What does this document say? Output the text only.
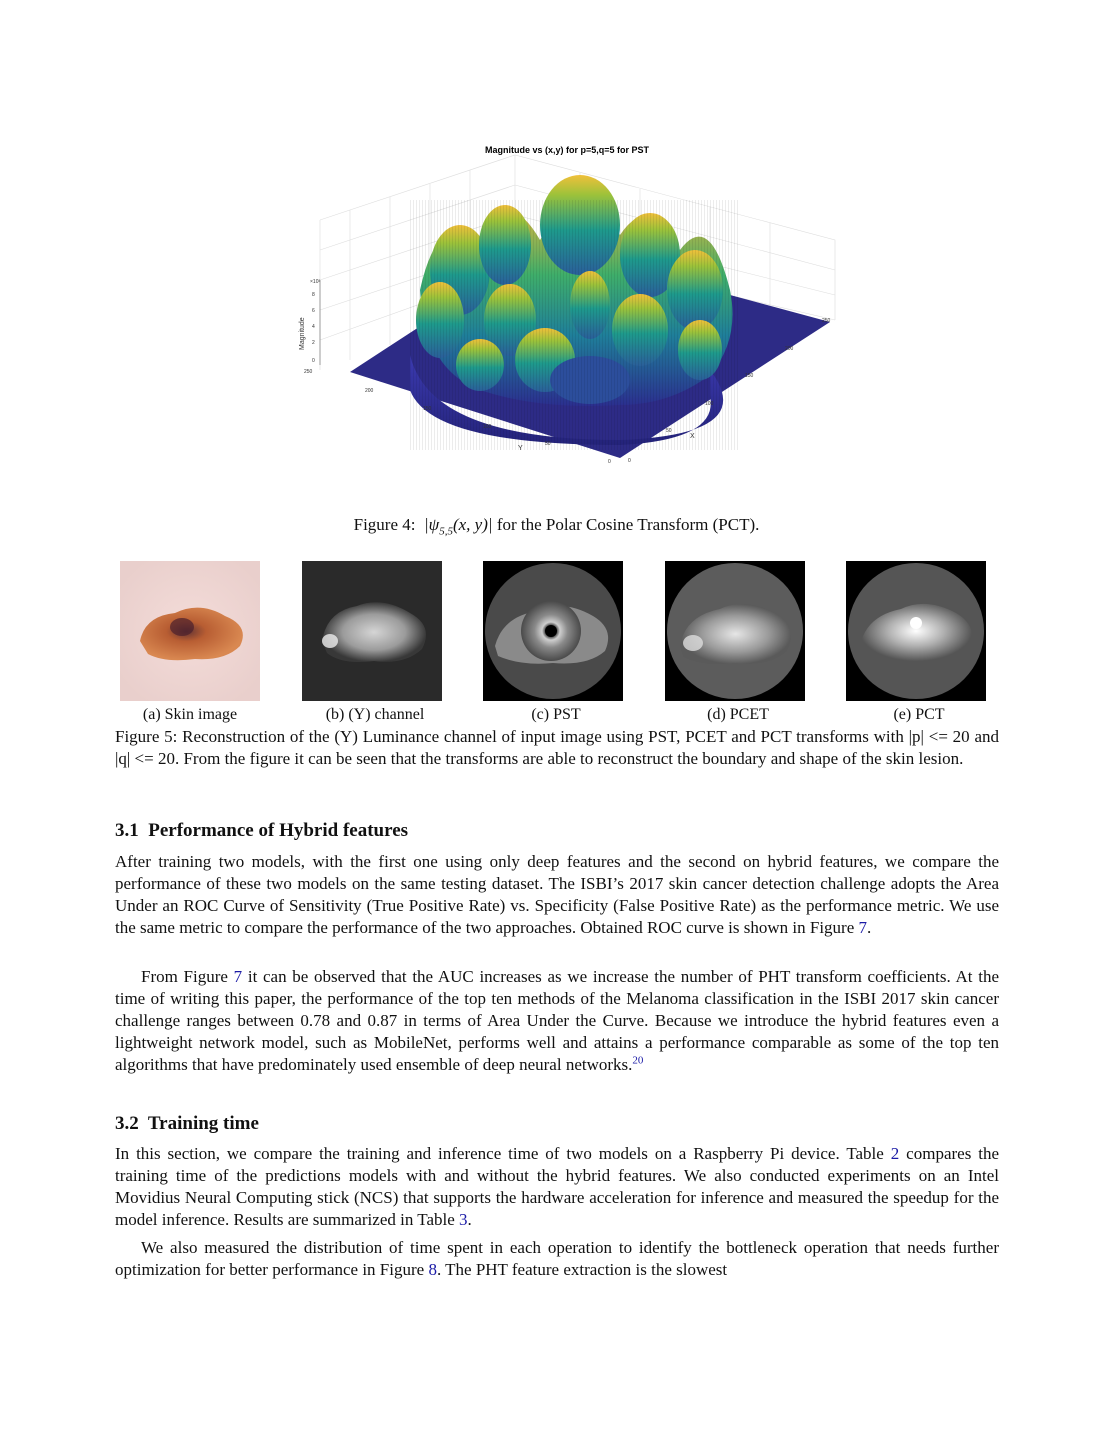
Magnitude vs (x,y) for p=5,q=5 for PST
×10³
8
6
4
2
0
Magnitude
250
200
150
100
50
0
Y
0
50
100
150
200
250
X
Figure 4: $|\psi_{5,5}(x$, y)| for the Polar Cosine Transform (PCT).
(a) Skin image	(b) (Y) channel	(c) PST	(d) PCET	(e) PCT
Figure 5: Reconstruction of the (Y) Luminance channel of input image using PST, PCET and PCT transforms with |p| <= 20 and |q| <= 20. From the figure it can be seen that the transforms are able to reconstruct the boundary and shape of the skin lesion.
3.1 Performance of Hybrid features
After training two models, with the first one using only deep features and the second on hybrid features, we compare the performance of these two models on the same testing dataset. The ISBI’s 2017 skin cancer detection challenge adopts the Area Under an ROC Curve of Sensitivity (True Positive Rate) vs. Specificity (False Positive Rate) as the performance metric. We use the same metric to compare the performance of the two approaches. Obtained ROC curve is shown in Figure 7.
From Figure 7 it can be observed that the AUC increases as we increase the number of PHT transform coefficients. At the time of writing this paper, the performance of the top ten methods of the Melanoma classification in the ISBI 2017 skin cancer challenge ranges between 0.78 and 0.87 in terms of Area Under the Curve. Because we introduce the hybrid features even a lightweight network model, such as MobileNet, performs well and attains a performance comparable as some of the top ten algorithms that have predominately used ensemble of deep neural networks.$^{20}$
3.2 Training time
In this section, we compare the training and inference time of two models on a Raspberry Pi device. Table 2 compares the training time of the predictions models with and without the hybrid features. We also conducted experiments on an Intel Movidius Neural Computing stick (NCS) that supports the hardware acceleration for inference and measured the speedup for the model inference. Results are summarized in Table 3.
We also measured the distribution of time spent in each operation to identify the bottleneck operation that needs further optimization for better performance in Figure 8. The PHT feature extraction is the slowest
